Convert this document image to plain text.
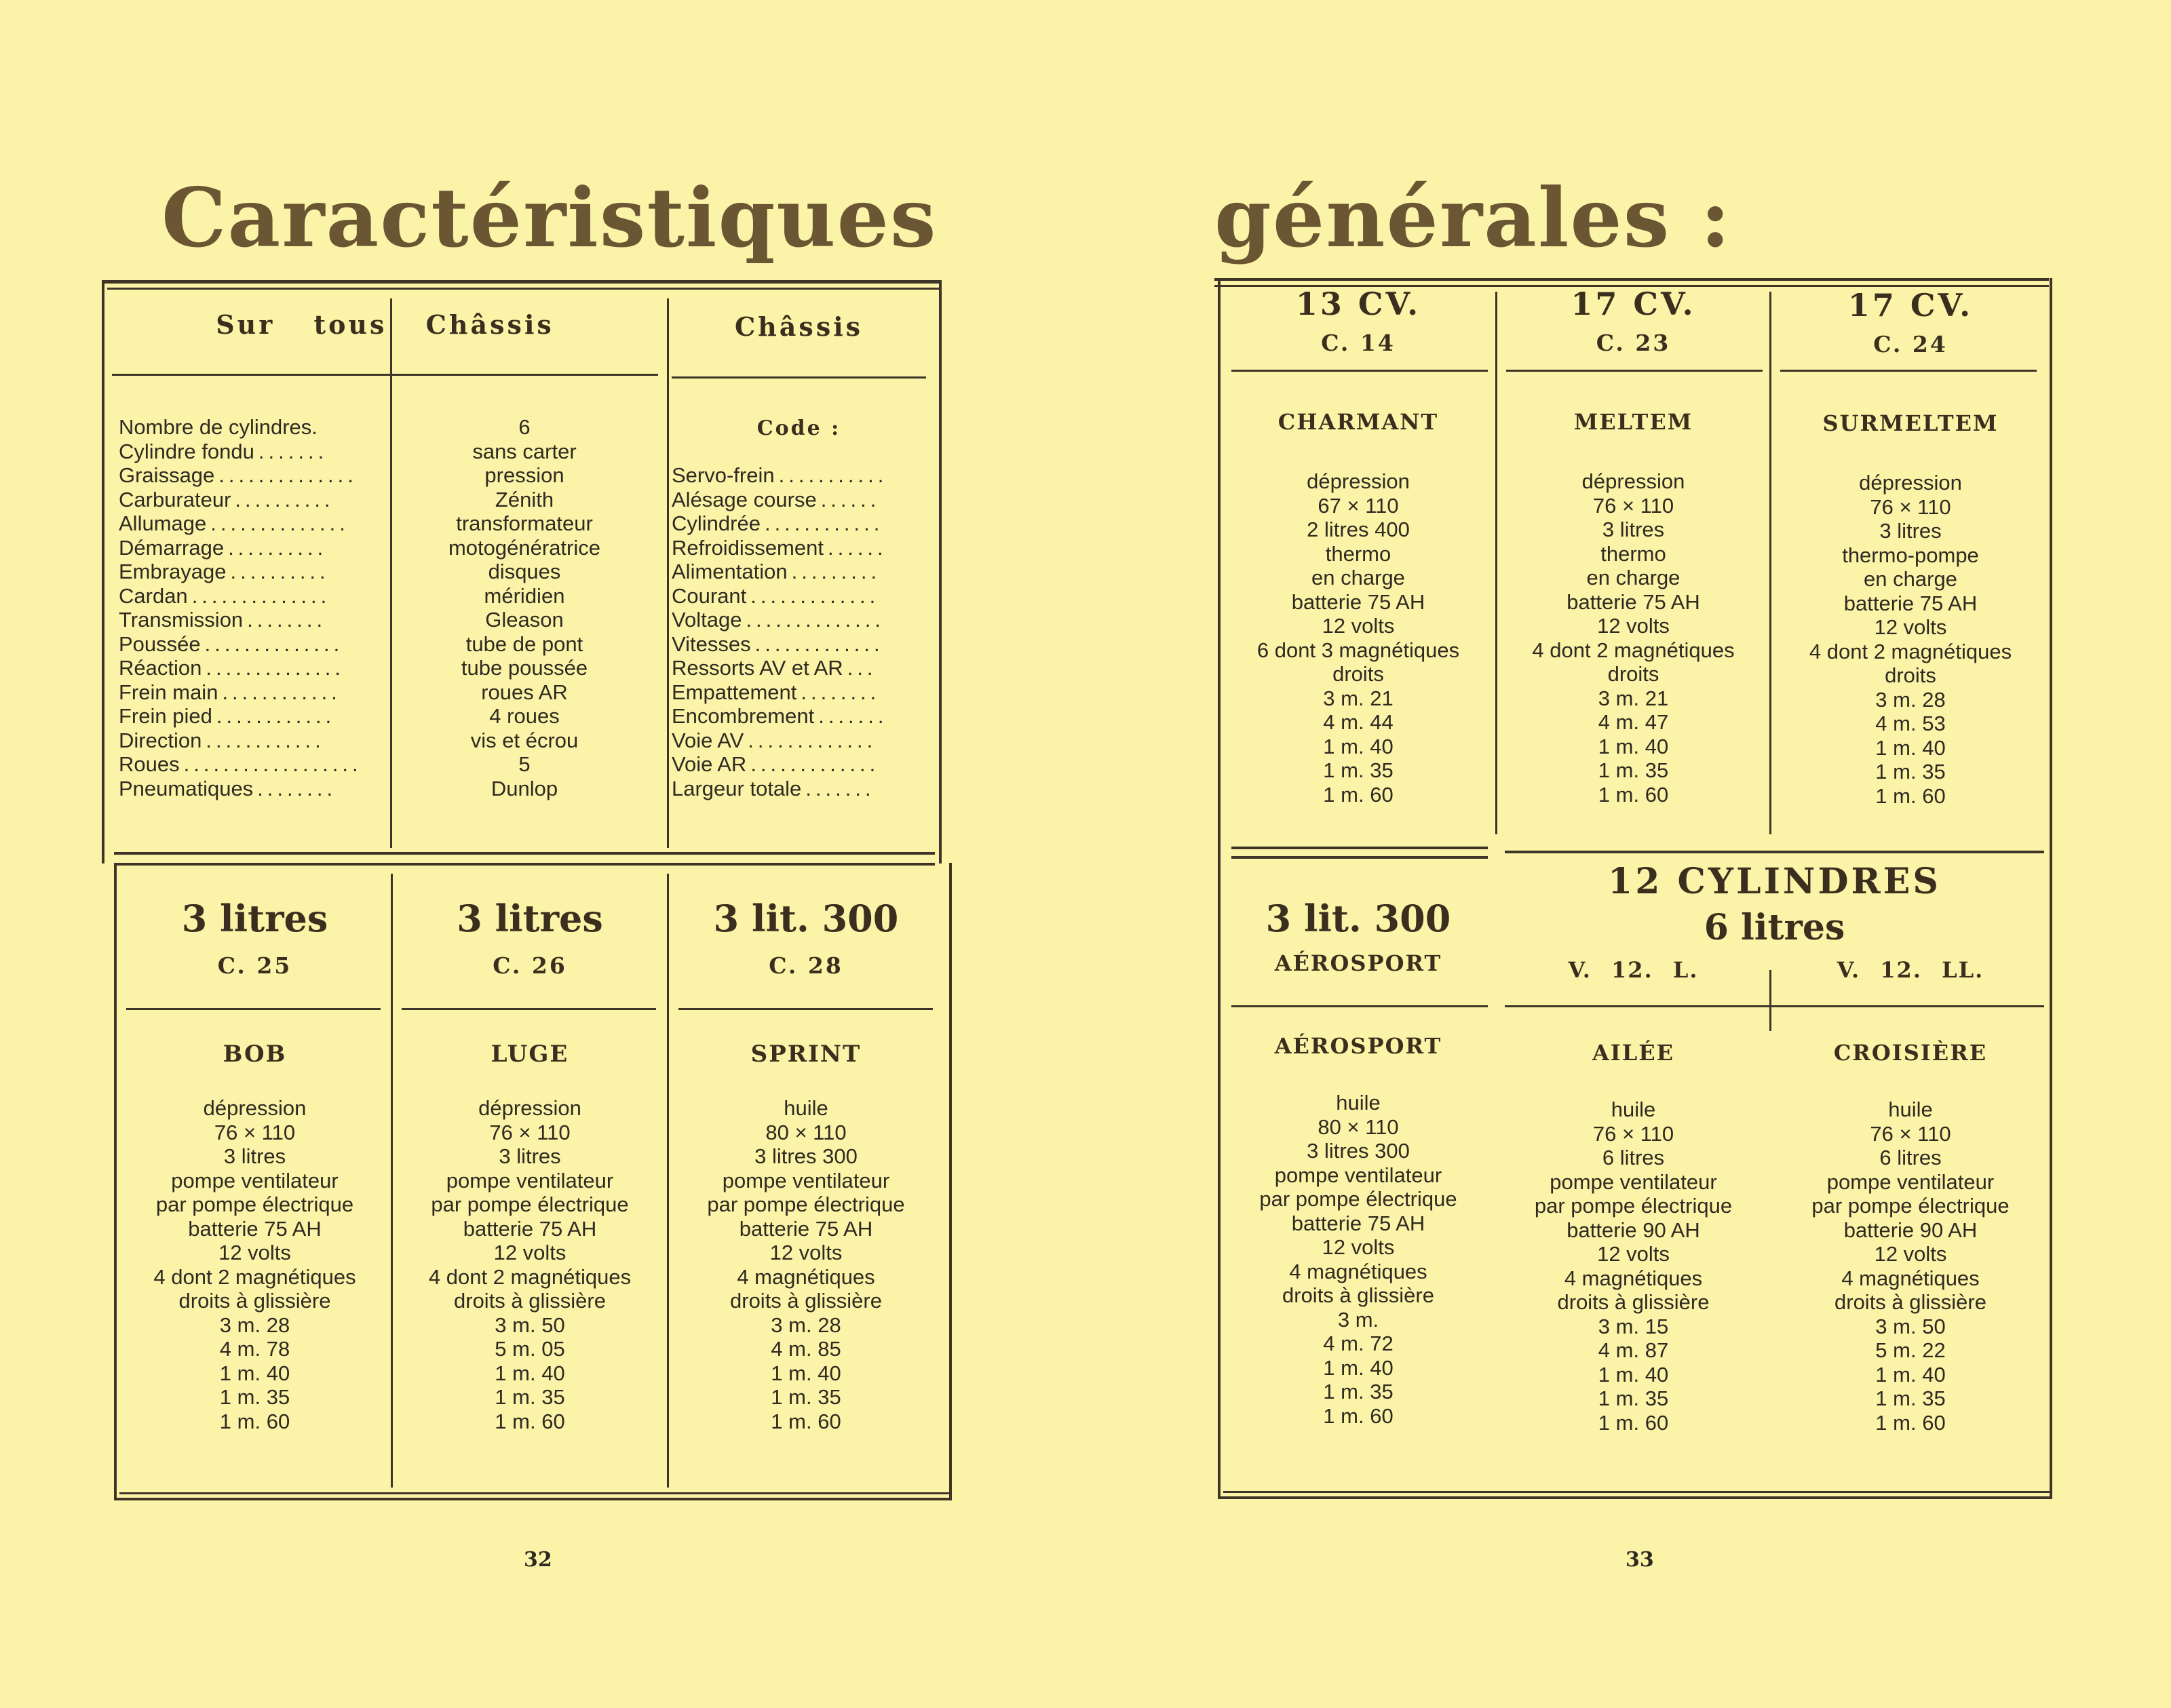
Caractéristiques
Sur tous Châssis	Châssis
Nombre de cylindres.
Cylindre fondu .......
Graissage ..............
Carburateur ..........
Allumage ..............
Démarrage ..........
Embrayage ..........
Cardan ..............
Transmission ........
Poussée ..............
Réaction ..............
Frein main ............
Frein pied ............
Direction ............
Roues ..................
Pneumatiques ........
6
sans carter
pression
Zénith
transformateur
motogénératrice
disques
méridien
Gleason
tube de pont
tube poussée
roues AR
4 roues
vis et écrou
5
Dunlop
Code :
Servo-frein ...........
Alésage course ......
Cylindrée ............
Refroidissement ......
Alimentation .........
Courant .............
Voltage ..............
Vitesses .............
Ressorts AV et AR ...
Empattement ........
Encombrement .......
Voie AV .............
Voie AR .............
Largeur totale .......
3 litres
C. 25
BOB
dépression
76 × 110
3 litres
pompe ventilateur
par pompe électrique
batterie 75 AH
12 volts
4 dont 2 magnétiques
droits à glissière
3 m. 28
4 m. 78
1 m. 40
1 m. 35
1 m. 60
3 litres
C. 26
LUGE
dépression
76 × 110
3 litres
pompe ventilateur
par pompe électrique
batterie 75 AH
12 volts
4 dont 2 magnétiques
droits à glissière
3 m. 50
5 m. 05
1 m. 40
1 m. 35
1 m. 60
3 lit. 300
C. 28
SPRINT
huile
80 × 110
3 litres 300
pompe ventilateur
par pompe électrique
batterie 75 AH
12 volts
4 magnétiques
droits à glissière
3 m. 28
4 m. 85
1 m. 40
1 m. 35
1 m. 60
32
générales :
13 CV.
C. 14
CHARMANT
dépression
67 × 110
2 litres 400
thermo
en charge
batterie 75 AH
12 volts
6 dont 3 magnétiques
droits
3 m. 21
4 m. 44
1 m. 40
1 m. 35
1 m. 60
17 CV.
C. 23
MELTEM
dépression
76 × 110
3 litres
thermo
en charge
batterie 75 AH
12 volts
4 dont 2 magnétiques
droits
3 m. 21
4 m. 47
1 m. 40
1 m. 35
1 m. 60
17 CV.
C. 24
SURMELTEM
dépression
76 × 110
3 litres
thermo-pompe
en charge
batterie 75 AH
12 volts
4 dont 2 magnétiques
droits
3 m. 28
4 m. 53
1 m. 40
1 m. 35
1 m. 60
12 CYLINDRES
6 litres
3 lit. 300
AÉROSPORT
AÉROSPORT
huile
80 × 110
3 litres 300
pompe ventilateur
par pompe électrique
batterie 75 AH
12 volts
4 magnétiques
droits à glissière
3 m.
4 m. 72
1 m. 40
1 m. 35
1 m. 60
V. 12. L.
AILÉE
huile
76 × 110
6 litres
pompe ventilateur
par pompe électrique
batterie 90 AH
12 volts
4 magnétiques
droits à glissière
3 m. 15
4 m. 87
1 m. 40
1 m. 35
1 m. 60
V. 12. LL.
CROISIÈRE
huile
76 × 110
6 litres
pompe ventilateur
par pompe électrique
batterie 90 AH
12 volts
4 magnétiques
droits à glissière
3 m. 50
5 m. 22
1 m. 40
1 m. 35
1 m. 60
33
